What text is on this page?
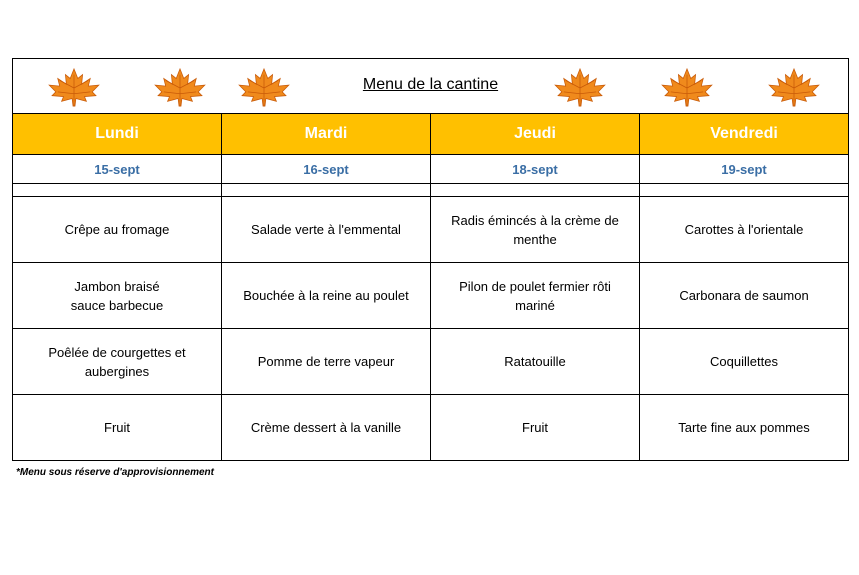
Menu de la cantine			

Lundi	Mardi	Jeudi	Vendredi
15-sept	16-sept	18-sept	19-sept

Crêpe au fromage	Salade verte à l'emmental	Radis émincés à la crème de menthe	Carottes à l'orientale
Jambon braisé
sauce barbecue	Bouchée à la reine au poulet	Pilon de poulet fermier rôti mariné	Carbonara de saumon
Poêlée de courgettes et aubergines	Pomme de terre vapeur	Ratatouille	Coquillettes
Fruit	Crème dessert à la vanille	Fruit	Tarte fine aux pommes
*Menu sous réserve d'approvisionnement
